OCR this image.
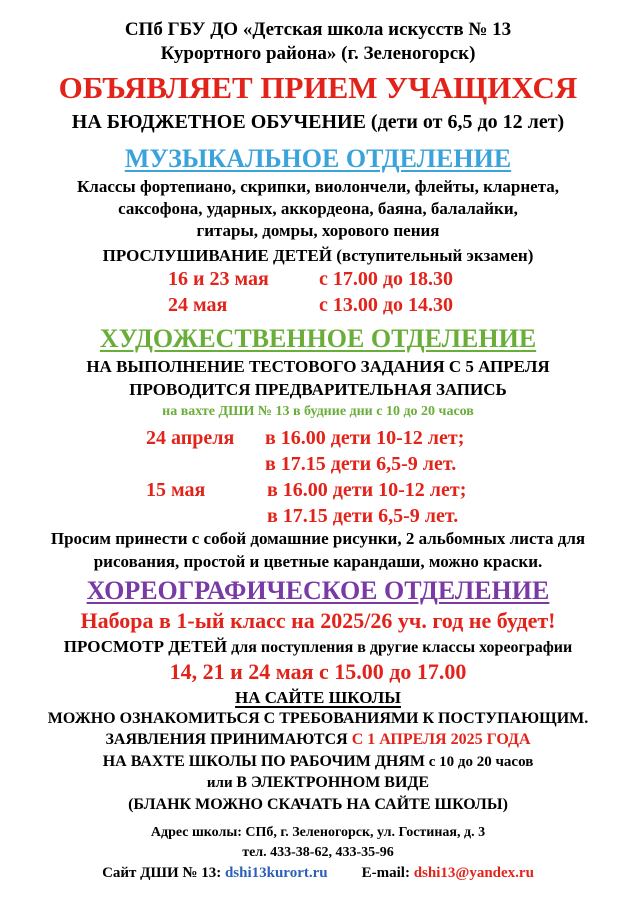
СПб ГБУ ДО «Детская школа искусств № 13
Курортного района» (г. Зеленогорск)
ОБЪЯВЛЯЕТ ПРИЕМ УЧАЩИХСЯ
НА БЮДЖЕТНОЕ ОБУЧЕНИЕ (дети от 6,5 до 12 лет)
МУЗЫКАЛЬНОЕ ОТДЕЛЕНИЕ
Классы фортепиано, скрипки, виолончели, флейты, кларнета,
саксофона, ударных, аккордеона, баяна, балалайки,
гитары, домры, хорового пения
ПРОСЛУШИВАНИЕ ДЕТЕЙ (вступительный экзамен)
16 и 23 мая	с 17.00 до 18.30
24 мая	с 13.00 до 14.30
ХУДОЖЕСТВЕННОЕ ОТДЕЛЕНИЕ
НА ВЫПОЛНЕНИЕ ТЕСТОВОГО ЗАДАНИЯ С 5 АПРЕЛЯ
ПРОВОДИТСЯ ПРЕДВАРИТЕЛЬНАЯ ЗАПИСЬ
на вахте ДШИ № 13 в будние дни с 10 до 20 часов
24 апреля в 16.00 дети 10-12 лет;
в 17.15 дети 6,5-9 лет.
15 мая	в 16.00 дети 10-12 лет;
в 17.15 дети 6,5-9 лет.
Просим принести с собой домашние рисунки, 2 альбомных листа для
рисования, простой и цветные карандаши, можно краски.
ХОРЕОГРАФИЧЕСКОЕ ОТДЕЛЕНИЕ
Набора в 1-ый класс на 2025/26 уч. год не будет!
ПРОСМОТР ДЕТЕЙ для поступления в другие классы хореографии
14, 21 и 24 мая с 15.00 до 17.00
НА САЙТЕ ШКОЛЫ
МОЖНО ОЗНАКОМИТЬСЯ С ТРЕБОВАНИЯМИ К ПОСТУПАЮЩИМ.
ЗАЯВЛЕНИЯ ПРИНИМАЮТСЯ С 1 АПРЕЛЯ 2025 ГОДА
НА ВАХТЕ ШКОЛЫ ПО РАБОЧИМ ДНЯМ с 10 до 20 часов
или В ЭЛЕКТРОННОМ ВИДЕ
(БЛАНК МОЖНО СКАЧАТЬ НА САЙТЕ ШКОЛЫ)
Адрес школы: СПб, г. Зеленогорск, ул. Гостиная, д. 3
тел. 433-38-62, 433-35-96
Сайт ДШИ № 13: dshi13kurort.ru E-mail: dshi13@yandex.ru
